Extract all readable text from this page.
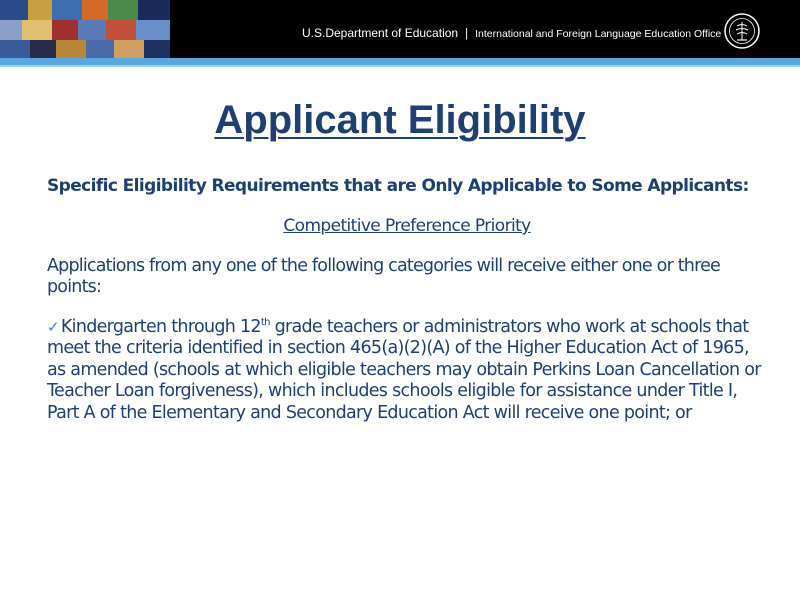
U.S.Department of Education | International and Foreign Language Education Office
Applicant Eligibility

Specific Eligibility Requirements that are Only Applicable to Some Applicants:

Competitive Preference Priority

Applications from any one of the following categories will receive either one or three points:

✓ Kindergarten through 12th grade teachers or administrators who work at schools that meet the criteria identified in section 465(a)(2)(A) of the Higher Education Act of 1965, as amended (schools at which eligible teachers may obtain Perkins Loan Cancellation or Teacher Loan forgiveness), which includes schools eligible for assistance under Title I, Part A of the Elementary and Secondary Education Act will receive one point; or
